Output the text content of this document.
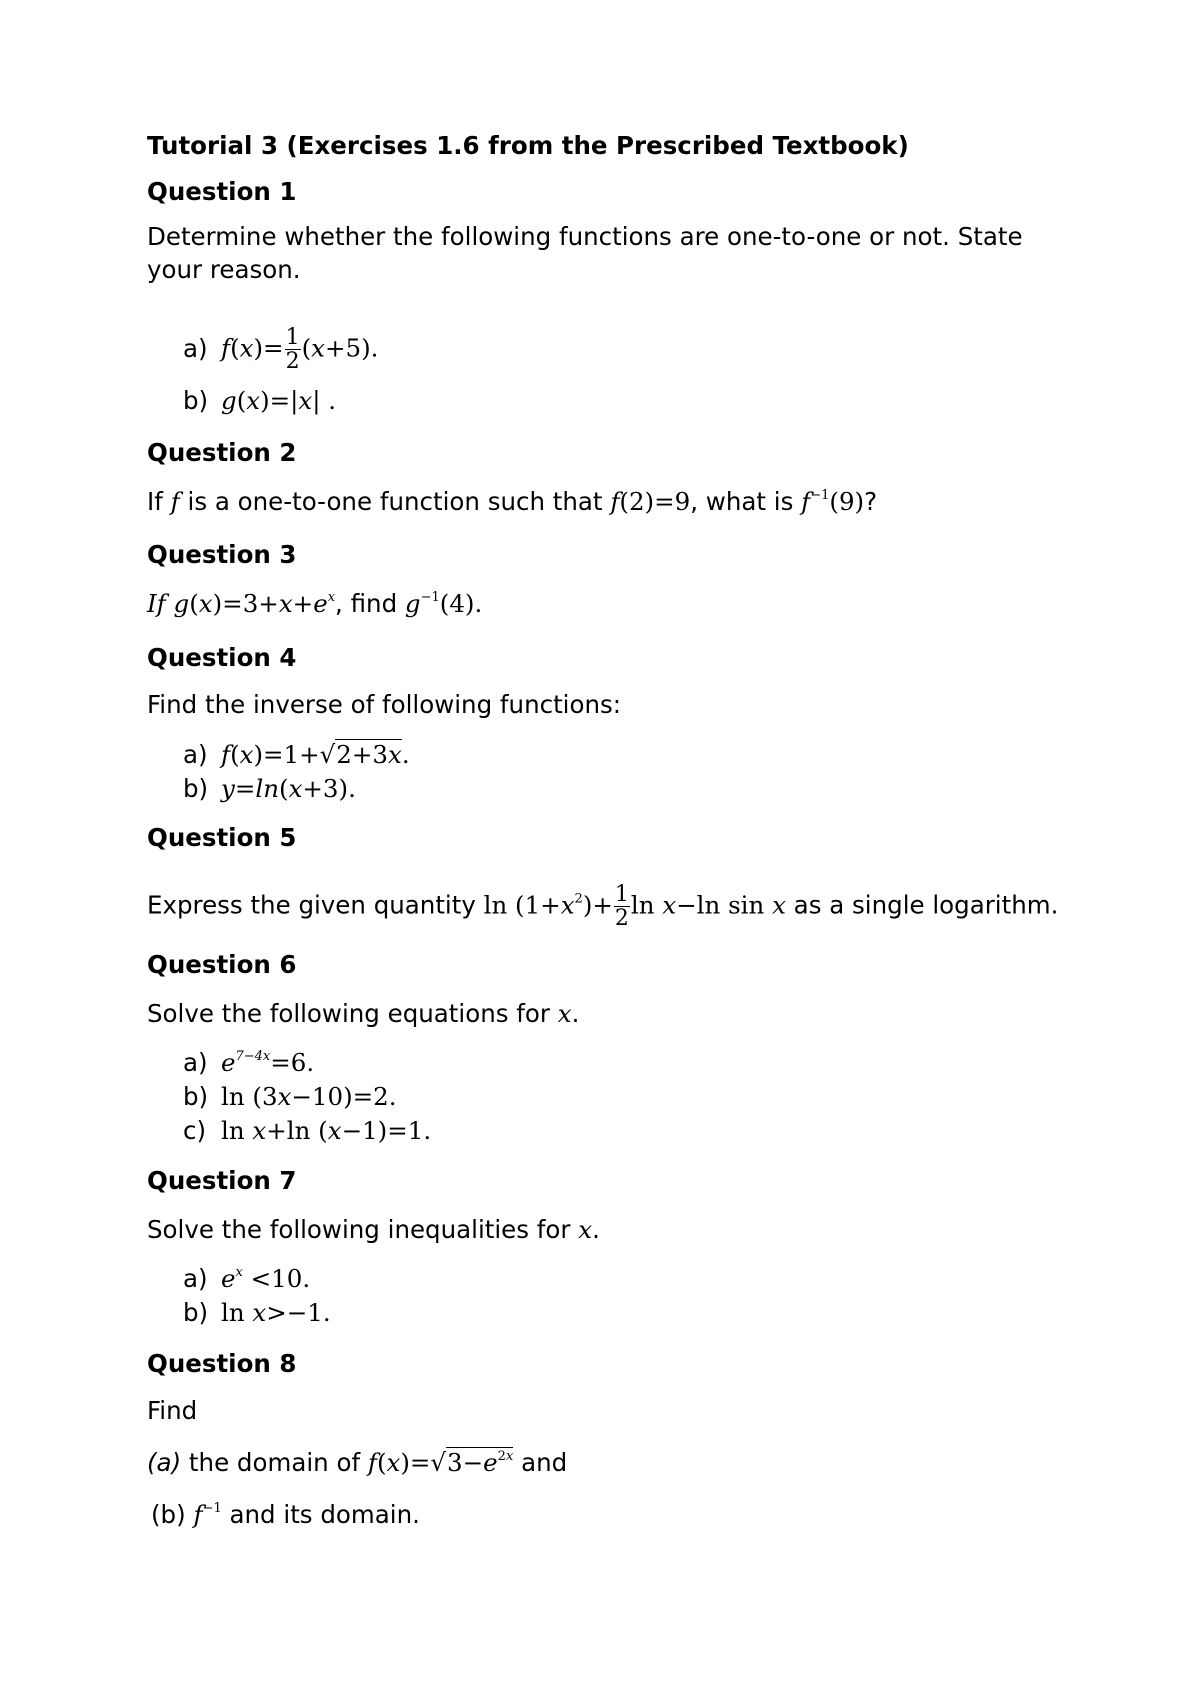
Tutorial 3 (Exercises 1.6 from the Prescribed Textbook)
Question 1
Determine whether the following functions are one-to-one or not. State
your reason.
a) $f(x)= \frac{1}{2} (x+5)$.
b) g(x)=|x| .
Question 2
If f is a one-to-one function such that f(2)=9, what is $f^{-1}(9)$?
Question 3
If $g(x)=3+x+e^x$, find $g^{-1}(4)$.
Question 4
Find the inverse of following functions:
a) f(x)=1+√2+3x.
b) y=ln(x+3).
Question 5
Express the given quantity $\ln (1+x^2)+ \frac{1}{2}$ ln x−ln sin x as a single logarithm.
Question 6
Solve the following equations for x.
a) $e^{7-4x}=6$.
b) ln (3x−10)=2.
c) ln x+ln (x−1)=1.
Question 7
Solve the following inequalities for x.
a) $e^x <10$.
b) ln x>−1.
Question 8
Find
(a) the domain of $f(x)=√3-e^{2x}$ and
(b) $f^{-1}$ and its domain.
